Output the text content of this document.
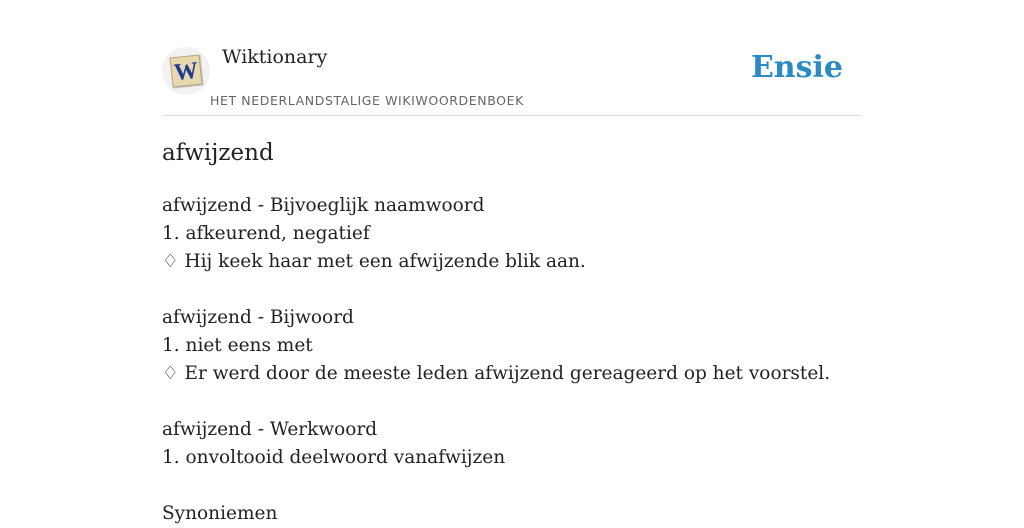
W
Wiktionary
HET NEDERLANDSTALIGE WIKIWOORDENBOEK
Ensie
afwijzend
afwijzend - Bijvoeglijk naamwoord
1. afkeurend, negatief
♢ Hij keek haar met een afwijzende blik aan.
afwijzend - Bijwoord
1. niet eens met
♢ Er werd door de meeste leden afwijzend gereageerd op het voorstel.
afwijzend - Werkwoord
1. onvoltooid deelwoord vanafwijzen
Synoniemen
